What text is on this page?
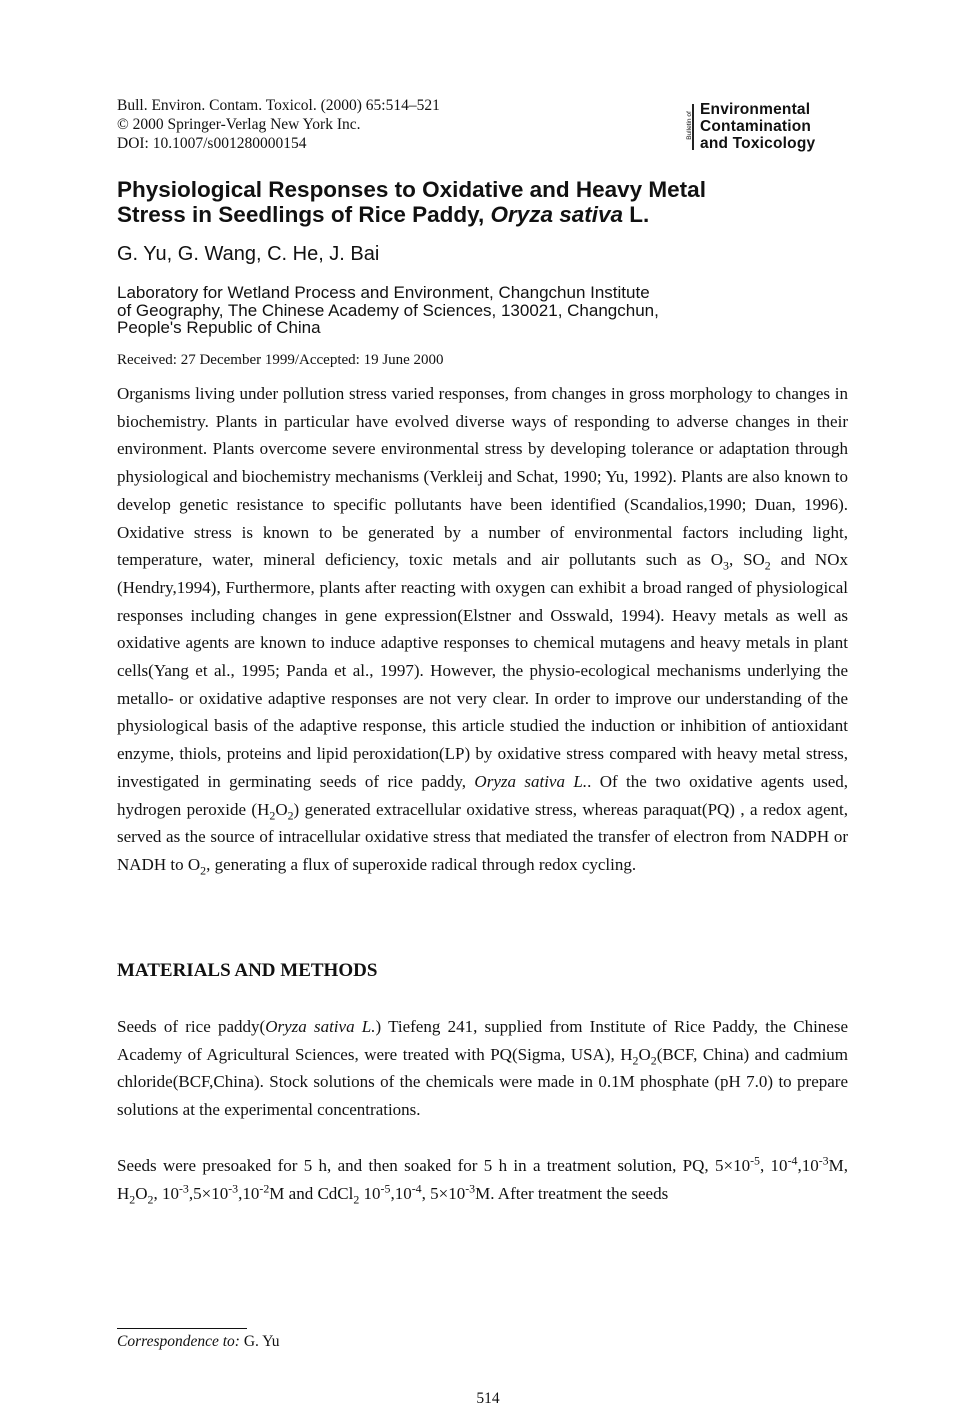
Bull. Environ. Contam. Toxicol. (2000) 65:514–521
© 2000 Springer-Verlag New York Inc.
DOI: 10.1007/s001280000154
Bulletin of
Environmental
Contamination
and Toxicology
Physiological Responses to Oxidative and Heavy Metal
Stress in Seedlings of Rice Paddy, Oryza sativa L.
G. Yu, G. Wang, C. He, J. Bai
Laboratory for Wetland Process and Environment, Changchun Institute
of Geography, The Chinese Academy of Sciences, 130021, Changchun,
People's Republic of China
Received: 27 December 1999/Accepted: 19 June 2000
Organisms living under pollution stress varied responses, from changes in gross morphology to changes in biochemistry. Plants in particular have evolved diverse ways of responding to adverse changes in their environment. Plants overcome severe environmental stress by developing tolerance or adaptation through physiological and biochemistry mechanisms (Verkleij and Schat, 1990; Yu, 1992). Plants are also known to develop genetic resistance to specific pollutants have been identified (Scandalios,1990; Duan, 1996). Oxidative stress is known to be generated by a number of environmental factors including light, temperature, water, mineral deficiency, toxic metals and air pollutants such as $O_3$, $SO_2$ and NOx (Hendry,1994), Furthermore, plants after reacting with oxygen can exhibit a broad ranged of physiological responses including changes in gene expression(Elstner and Osswald, 1994). Heavy metals as well as oxidative agents are known to induce adaptive responses to chemical mutagens and heavy metals in plant cells(Yang et al., 1995; Panda et al., 1997). However, the physio-ecological mechanisms underlying the metallo- or oxidative adaptive responses are not very clear. In order to improve our understanding of the physiological basis of the adaptive response, this article studied the induction or inhibition of antioxidant enzyme, thiols, proteins and lipid peroxidation(LP) by oxidative stress compared with heavy metal stress, investigated in germinating seeds of rice paddy, Oryza sativa L.. Of the two oxidative agents used, hydrogen peroxide $(H_2O_2)$ generated extracellular oxidative stress, whereas paraquat(PQ) , a redox agent, served as the source of intracellular oxidative stress that mediated the transfer of electron from NADPH or NADH to $O_2$, generating a flux of superoxide radical through redox cycling.
MATERIALS AND METHODS
Seeds of rice paddy(Oryza sativa L.) Tiefeng 241, supplied from Institute of Rice Paddy, the Chinese Academy of Agricultural Sciences, were treated with PQ(Sigma, USA), $H_2O_2(BCF$, China) and cadmium chloride(BCF,China). Stock solutions of the chemicals were made in 0.1M phosphate (pH 7.0) to prepare solutions at the experimental concentrations.
Seeds were presoaked for 5 h, and then soaked for 5 h in a treatment solution, PQ, $5\times 10^{-5}$, $10^{-4},10^{-3}M$, $H_2O_2$, $10^{-3},5\times 10^{-3},10^{-2}M$ and CdCl$_2$ $10^{-5},10^{-4}$, $5\times 10^{-3}M$. After treatment the seeds
Correspondence to: G. Yu
514
